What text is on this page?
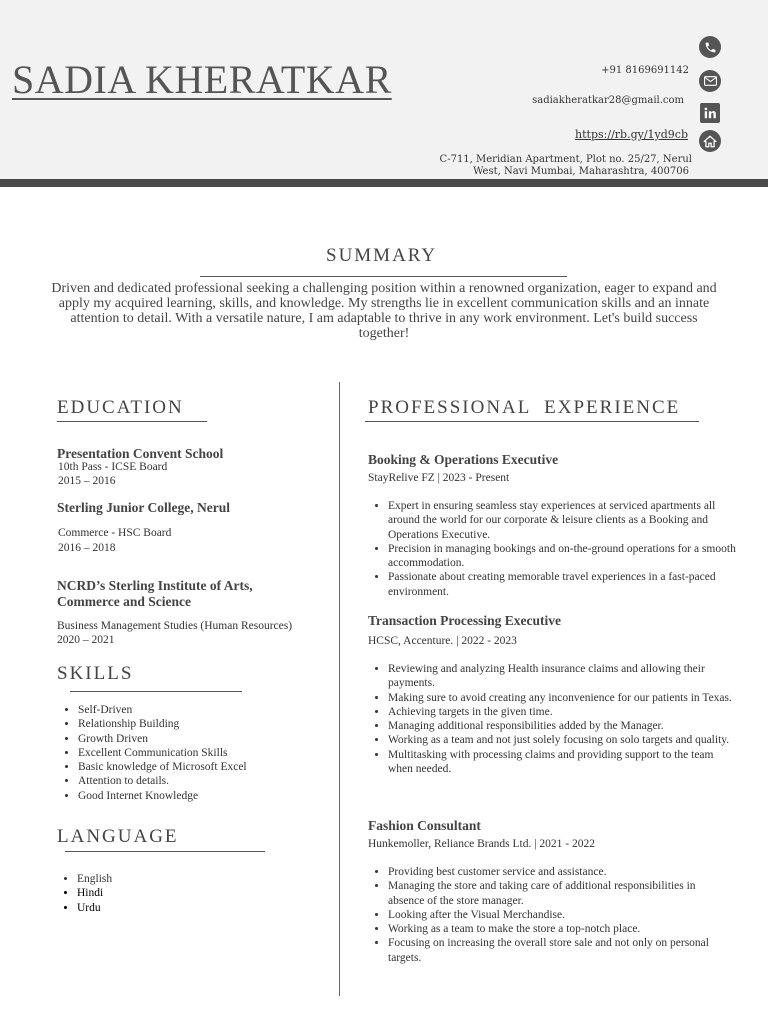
SADIA KHERATKAR	+91 8169691142
sadiakheratkar28@gmail.com
https://rb.gy/1yd9cb
C-711, Meridian Apartment, Plot no. 25/27, Nerul
West, Navi Mumbai, Maharashtra, 400706
SUMMARY

Driven and dedicated professional seeking a challenging position within a renowned organization, eager to expand and apply my acquired learning, skills, and knowledge. My strengths lie in excellent communication skills and an innate attention to detail. With a versatile nature, I am adaptable to thrive in any work environment. Let's build success together!

EDUCATION

Presentation Convent School

10th Pass - ICSE Board
2015 – 2016

Sterling Junior College, Nerul

Commerce - HSC Board
2016 – 2018

NCRD’s Sterling Institute of Arts, Commerce and Science

Business Management Studies (Human Resources)
2020 – 2021
SKILLS
• Self-Driven
• Relationship Building
• Growth Driven
• Excellent Communication Skills
• Basic knowledge of Microsoft Excel
• Attention to details.
• Good Internet Knowledge
LANGUAGE
• English
• Hindi
• Urdu
PROFESSIONAL  EXPERIENCE

Booking & Operations Executive

StayRelive FZ | 2023 - Present
• Expert in ensuring seamless stay experiences at serviced apartments all around the world for our corporate & leisure clients as a Booking and Operations Executive.
• Precision in managing bookings and on-the-ground operations for a smooth accommodation.
• Passionate about creating memorable travel experiences in a fast-paced environment.

Transaction Processing Executive

HCSC, Accenture. | 2022 - 2023
• Reviewing and analyzing Health insurance claims and allowing their payments.
• Making sure to avoid creating any inconvenience for our patients in Texas.
• Achieving targets in the given time.
• Managing additional responsibilities added by the Manager.
• Working as a team and not just solely focusing on solo targets and quality.
• Multitasking with processing claims and providing support to the team when needed.

Fashion Consultant

Hunkemoller, Reliance Brands Ltd. | 2021 - 2022
• Providing best customer service and assistance.
• Managing the store and taking care of additional responsibilities in absence of the store manager.
• Looking after the Visual Merchandise.
• Working as a team to make the store a top-notch place.
• Focusing on increasing the overall store sale and not only on personal targets.
